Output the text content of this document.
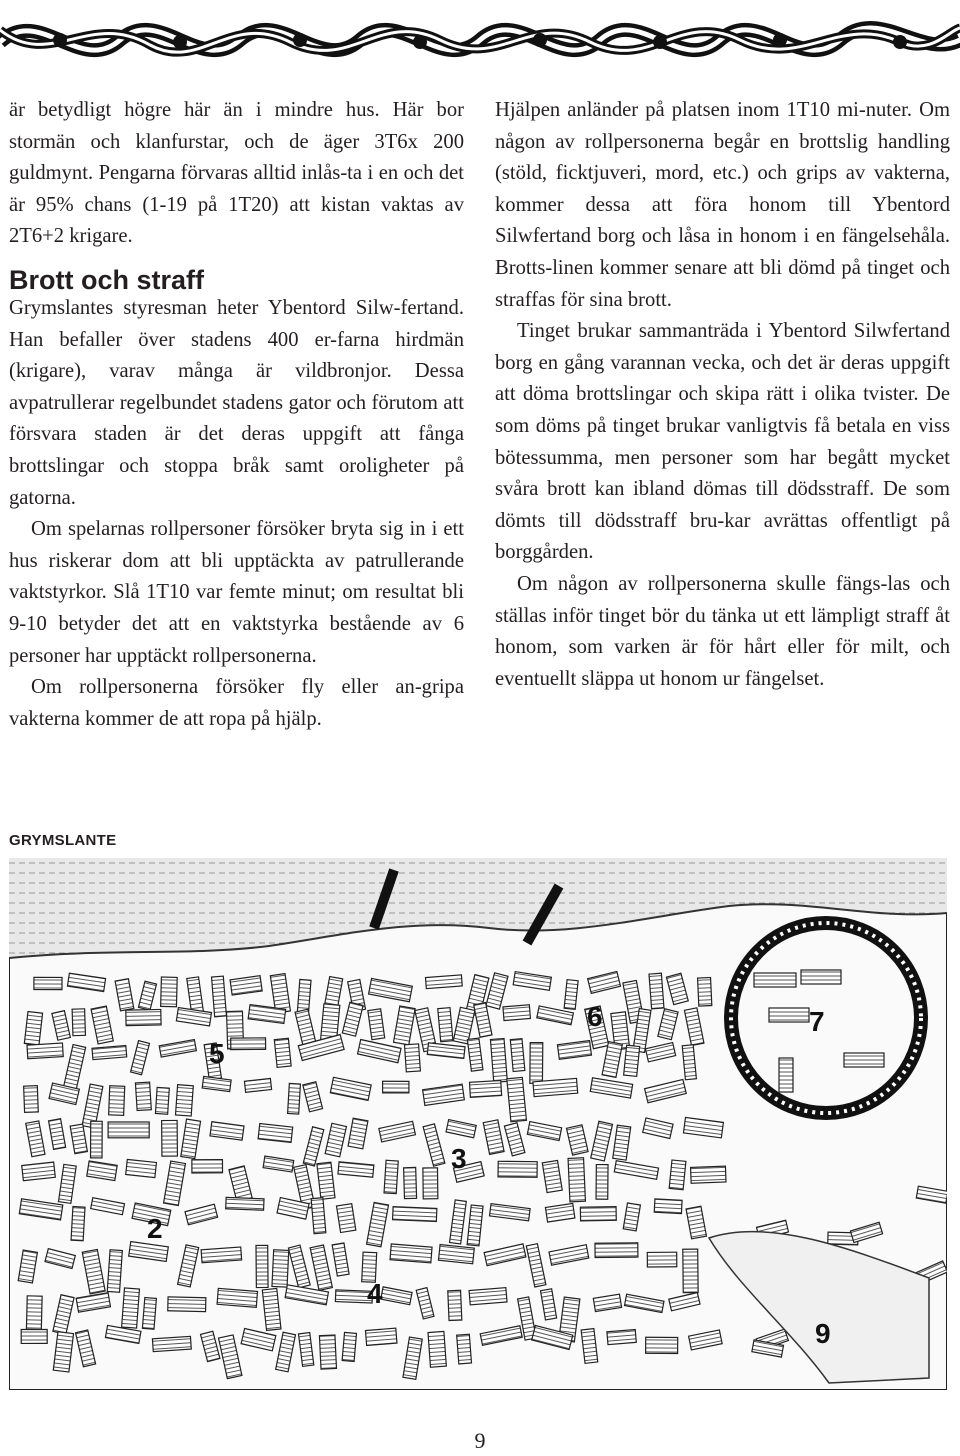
är betydligt högre här än i mindre hus. Här bor stormän och klanfurstar, och de äger 3T6x 200 guldmynt. Pengarna förvaras alltid inlås-ta i en och det är 95% chans (1-19 på 1T20) att kistan vaktas av 2T6+2 krigare.

Brott och straff

Grymslantes styresman heter Ybentord Silw-fertand. Han befaller över stadens 400 er-farna hirdmän (krigare), varav många är vildbronjor. Dessa avpatrullerar regelbundet stadens gator och förutom att försvara staden är det deras uppgift att fånga brottslingar och stoppa bråk samt oroligheter på gatorna.

Om spelarnas rollpersoner försöker bryta sig in i ett hus riskerar dom att bli upptäckta av patrullerande vaktstyrkor. Slå 1T10 var femte minut; om resultat bli 9-10 betyder det att en vaktstyrka bestående av 6 personer har upptäckt rollpersonerna.

Om rollpersonerna försöker fly eller an-gripa vakterna kommer de att ropa på hjälp.

Hjälpen anländer på platsen inom 1T10 mi-nuter. Om någon av rollpersonerna begår en brottslig handling (stöld, ficktjuveri, mord, etc.) och grips av vakterna, kommer dessa att föra honom till Ybentord Silwfertand borg och låsa in honom i en fängelsehåla. Brotts-linen kommer senare att bli dömd på tinget och straffas för sina brott.

Tinget brukar sammanträda i Ybentord Silwfertand borg en gång varannan vecka, och det är deras uppgift att döma brottslingar och skipa rätt i olika tvister. De som döms på tinget brukar vanligtvis få betala en viss bötessumma, men personer som har begått mycket svåra brott kan ibland dömas till dödsstraff. De som dömts till dödsstraff bru-kar avrättas offentligt på borggården.

Om någon av rollpersonerna skulle fängs-las och ställas inför tinget bör du tänka ut ett lämpligt straff åt honom, som varken är för hårt eller för milt, och eventuellt släppa ut honom ur fängelset.

GRYMSLANTE
2
3
4
5
6	7
9
9
